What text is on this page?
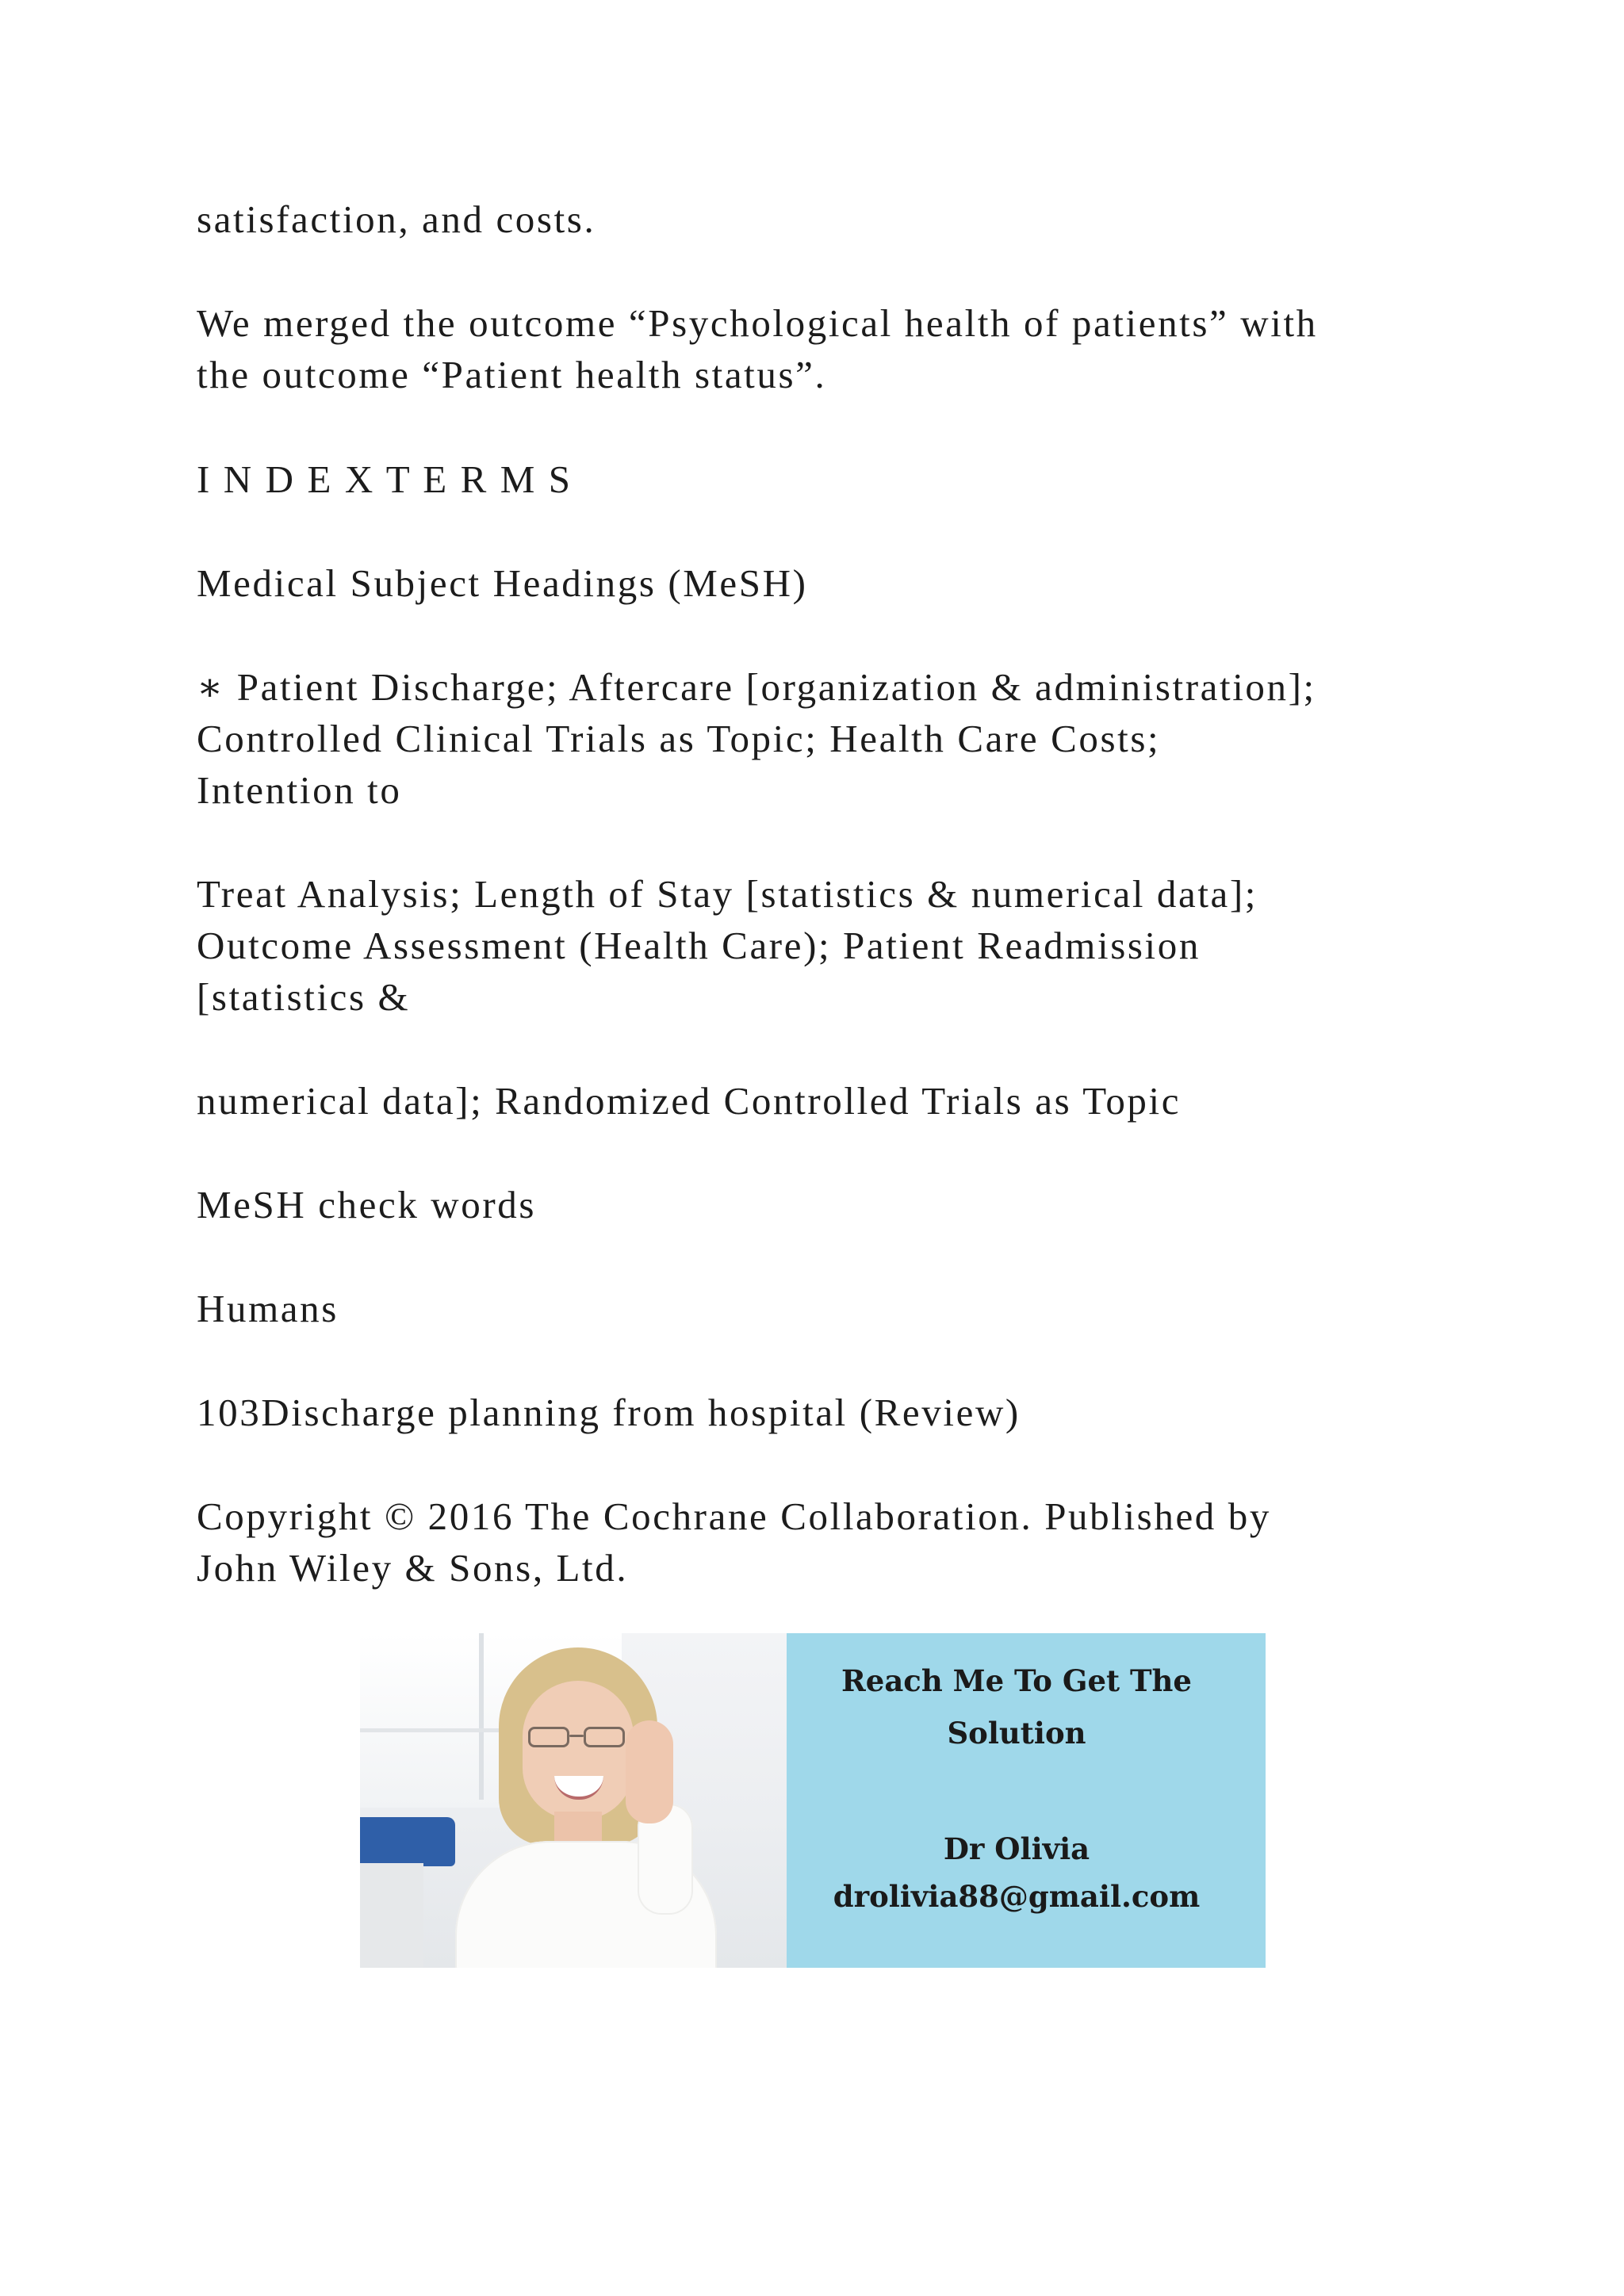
satisfaction, and costs.

We merged the outcome “Psychological health of patients” with
the outcome “Patient health status”.

I N D E X T E R M S

Medical Subject Headings (MeSH)

∗ Patient Discharge; Aftercare [organization & administration];
Controlled Clinical Trials as Topic; Health Care Costs;
Intention to

Treat Analysis; Length of Stay [statistics & numerical data];
Outcome Assessment (Health Care); Patient Readmission
[statistics &

numerical data]; Randomized Controlled Trials as Topic

MeSH check words

Humans

103Discharge planning from hospital (Review)

Copyright © 2016 The Cochrane Collaboration. Published by
John Wiley & Sons, Ltd.

Reach Me To Get The
Solution
Dr Olivia
drolivia88@gmail.com
